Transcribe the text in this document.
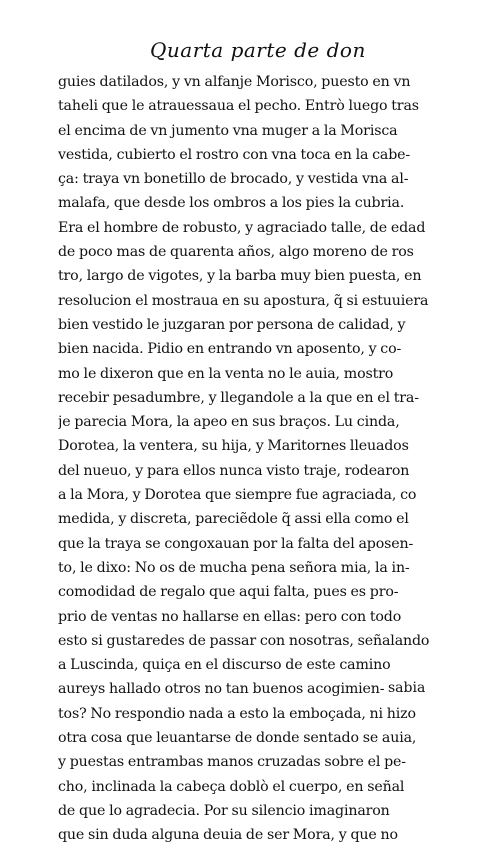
Quarta parte de don
guies datilados, y vn alfanje Morisco, puesto en vn
taheli que le atrauessaua el pecho. Entrò luego tras
el encima de vn jumento vna muger a la Morisca
vestida, cubierto el rostro con vna toca en la cabe-
ça: traya vn bonetillo de brocado, y vestida vna al-
malafa, que desde los ombros a los pies la cubria.
Era el hombre de robusto, y agraciado talle, de edad
de poco mas de quarenta años, algo moreno de ros
tro, largo de vigotes, y la barba muy bien puesta, en
resolucion el mostraua en su apostura, q̃ si estuuiera
bien vestido le juzgaran por persona de calidad, y
bien nacida. Pidio en entrando vn aposento, y co-
mo le dixeron que en la venta no le auia, mostro
recebir pesadumbre, y llegandole a la que en el tra-
je parecia Mora, la apeo en sus braços. Lu cinda,
Dorotea, la ventera, su hija, y Maritornes lleuados
del nueuo, y para ellos nunca visto traje, rodearon
a la Mora, y Dorotea que siempre fue agraciada, co
medida, y discreta, pareciẽdole q̃ assi ella como el
que la traya se congoxauan por la falta del aposen-
to, le dixo: No os de mucha pena señora mia, la in-
comodidad de regalo que aqui falta, pues es pro-
prio de ventas no hallarse en ellas: pero con todo
esto si gustaredes de passar con nosotras, señalando
a Luscinda, quiça en el discurso de este camino
aureys hallado otros no tan buenos acogimien-
tos? No respondio nada a esto la emboçada, ni hizo
otra cosa que leuantarse de donde sentado se auia,
y puestas entrambas manos cruzadas sobre el pe-
cho, inclinada la cabeça doblò el cuerpo, en señal
de que lo agradecia. Por su silencio imaginaron
que sin duda alguna deuia de ser Mora, y que no
sabia
